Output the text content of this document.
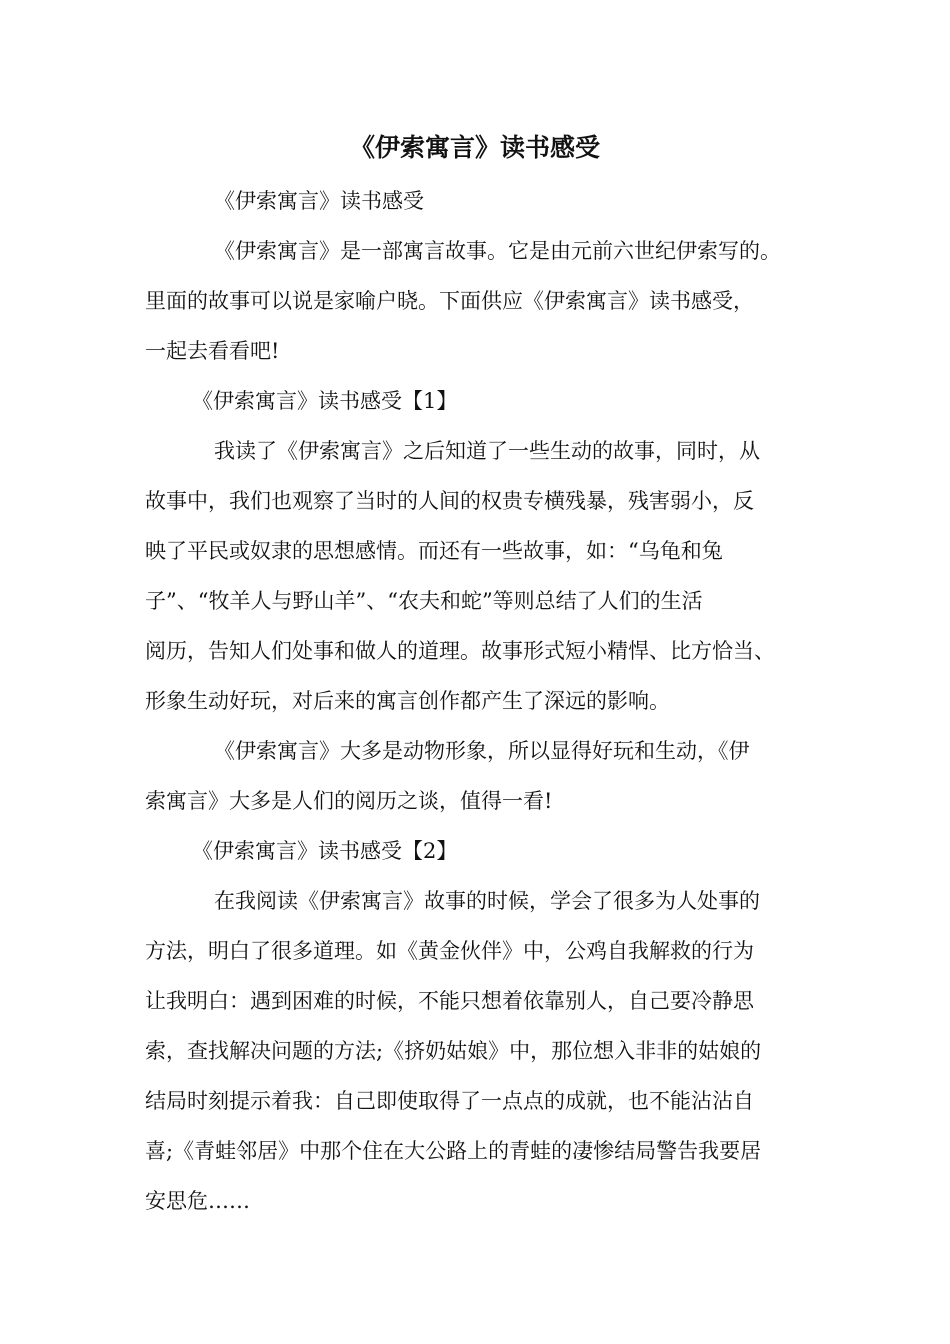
《伊索寓言》读书感受

《伊索寓言》读书感受

《伊索寓言》是一部寓言故事。它是由元前六世纪伊索写的。

里面的故事可以说是家喻户晓。下面供应《伊索寓言》读书感受，

一起去看看吧!

《伊索寓言》读书感受【1】

我读了《伊索寓言》之后知道了一些生动的故事，同时，从

故事中，我们也观察了当时的人间的权贵专横残暴，残害弱小，反

映了平民或奴隶的思想感情。而还有一些故事，如：“乌龟和兔

子”、“牧羊人与野山羊”、“农夫和蛇”等则总结了人们的生活

阅历，告知人们处事和做人的道理。故事形式短小精悍、比方恰当、

形象生动好玩，对后来的寓言创作都产生了深远的影响。

《伊索寓言》大多是动物形象，所以显得好玩和生动，《伊

索寓言》大多是人们的阅历之谈，值得一看!

《伊索寓言》读书感受【2】

在我阅读《伊索寓言》故事的时候，学会了很多为人处事的

方法，明白了很多道理。如《黄金伙伴》中，公鸡自我解救的行为

让我明白：遇到困难的时候，不能只想着依靠别人，自己要冷静思

索，查找解决问题的方法;《挤奶姑娘》中，那位想入非非的姑娘的

结局时刻提示着我：自己即使取得了一点点的成就，也不能沾沾自

喜;《青蛙邻居》中那个住在大公路上的青蛙的凄惨结局警告我要居

安思危……
